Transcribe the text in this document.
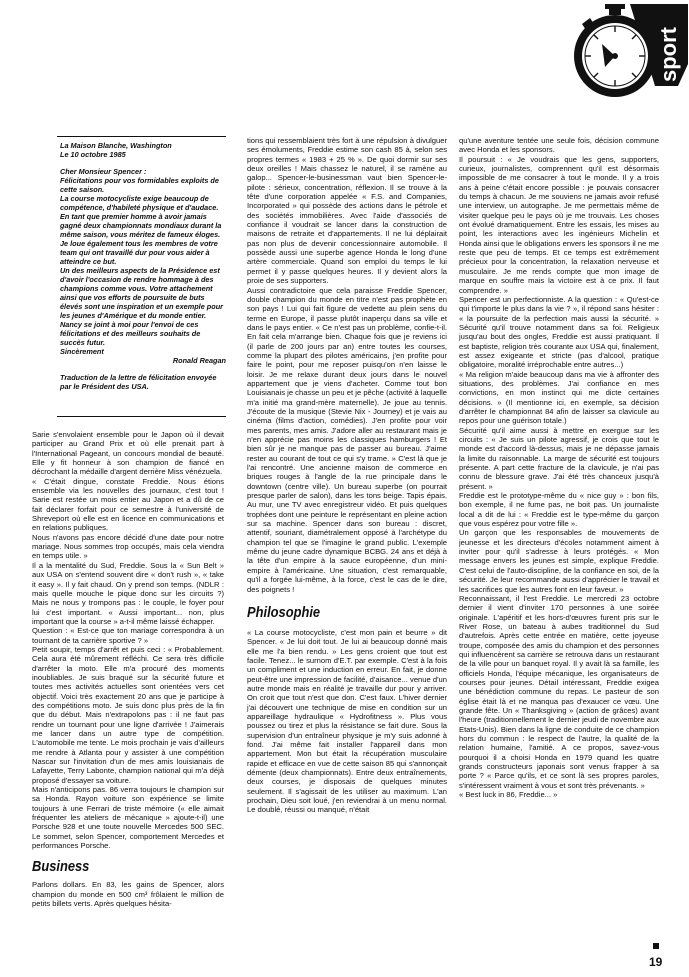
sport

La Maison Blanche, Washington

Le 10 octobre 1985

Cher Monsieur Spencer :

Félicitations pour vos formidables exploits de cette saison.

La course motocycliste exige beaucoup de compétence, d'habileté physique et d'audace. En tant que premier homme à avoir jamais gagné deux championnats mondiaux durant la même saison, vous méritez de fameux éloges.

Je loue également tous les membres de votre team qui ont travaillé dur pour vous aider à atteindre ce but.

Un des meilleurs aspects de la Présidence est d'avoir l'occasion de rendre hommage à des champions comme vous. Votre attachement ainsi que vos efforts de poursuite de buts élevés sont une inspiration et un exemple pour les jeunes d'Amérique et du monde entier.

Nancy se joint à moi pour l'envoi de ces félicitations et des meilleurs souhaits de succès futur.

Sincèrement

Ronald Reagan

Traduction de la lettre de félicitation envoyée par le Président des USA.

Sarie s'envolaient ensemble pour le Japon où il devait participer au Grand Prix et où elle prenait part à l'International Pageant, un concours mondial de beauté. Elle y fit honneur à son champion de fiancé en décrochant la médaille d'argent derrière Miss vénézuela.

« C'était dingue, constate Freddie. Nous étions ensemble via les nouvelles des journaux, c'est tout ! Sarie est restée un mois entier au Japon et a dû de ce fait déclarer forfait pour ce semestre à l'université de Shreveport où elle est en licence en communications et en relations publiques.

Nous n'avons pas encore décidé d'une date pour notre mariage. Nous sommes trop occupés, mais cela viendra en temps utile. »

Il a la mentalité du Sud, Freddie. Sous la « Sun Belt » aux USA on s'entend souvent dire « don't rush », « take it easy ». Il y fait chaud. On y prend son temps. (NDLR : mais quelle mouche le pique donc sur les circuits ?) Mais ne nous y trompons pas : le couple, le foyer pour lui c'est important. « Aussi important... non, plus important que la course » a-t-il même laissé échapper.

Question : « Est-ce que ton mariage correspondra à un tournant de ta carrière sportive ? »

Petit soupir, temps d'arrêt et puis ceci : « Probablement. Cela aura été mûrement réfléchi. Ce sera très difficile d'arrêter la moto. Elle m'a procuré des moments inoubliables. Je suis braqué sur la sécurité future et toutes mes activités actuelles sont orientées vers cet objectif. Voici très exactement 20 ans que je participe à des compétitions moto. Je suis donc plus près de la fin que du début. Mais n'extrapolons pas : il ne faut pas rendre un tournant pour une ligne d'arrivée ! J'aimerais me lancer dans un autre type de compétition. L'automobile me tente. Le mois prochain je vais d'ailleurs me rendre à Atlanta pour y assister à une compétition Nascar sur l'invitation d'un de mes amis louisianais de Lafayette, Terry Labonte, champion national qui m'a déjà proposé d'essayer sa voiture.

Mais n'anticipons pas. 86 verra toujours le champion sur sa Honda. Rayon voiture son expérience se limite toujours à une Ferrari de triste mémoire (« elle aimait fréquenter les ateliers de mécanique » ajoute-t-il) une Porsche 928 et une toute nouvelle Mercedes 500 SEC. Le sommet, selon Spencer, comportement Mercedes et performances Porsche.

Business

Parlons dollars. En 83, les gains de Spencer, alors champion du monde en 500 cm³ frôlaient le million de petits billets verts. Après quelques hésita-

tions qui ressemblaient très fort à une répulsion à divulguer ses émoluments, Freddie estime son cash 85 à, selon ses propres termes « 1983 + 25 % ». De quoi dormir sur ses deux oreilles ! Mais chassez le naturel, il se ramène au galop... Spencer-le-businessman vaut bien Spencer-le-pilote : sérieux, concentration, réflexion. Il se trouve à la tête d'une corporation appelée « F.S. and Companies, Incorporated » qui possède des actions dans le pétrole et des sociétés immobilières. Avec l'aide d'associés de confiance il voudrait se lancer dans la construction de maisons de retraite et d'appartements. Il ne lui déplairait pas non plus de devenir concessionnaire automobile. Il possède aussi une superbe agence Honda le long d'une artère commerciale. Quand son emploi du temps le lui permet il y passe quelques heures. Il y devient alors la proie de ses supporters.

Aussi contradictoire que cela paraisse Freddie Spencer, double champion du monde en titre n'est pas prophète en son pays ! Lui qui fait figure de vedette au plein sens du terme en Europe, il passe plutôt inaperçu dans sa ville et dans le pays entier. « Ce n'est pas un problème, confie-t-il. En fait cela m'arrange bien. Chaque fois que je reviens ici (il parle de 200 jours par an) entre toutes les courses, comme la plupart des pilotes américains, j'en profite pour faire le point, pour me reposer puisqu'on n'en laisse le loisir. Je me relaxe durant deux jours dans le nouvel appartement que je viens d'acheter. Comme tout bon Louisianais je chasse un peu et je pêche (activité à laquelle m'a initié ma grand-mère maternelle). Je joue au tennis. J'écoute de la musique (Stevie Nix - Journey) et je vais au cinéma (films d'action, comédies). J'en profite pour voir mes parents, mes amis. J'adore aller au restaurant mais je n'en apprécie pas moins les classiques hamburgers ! Et bien sûr je ne manque pas de passer au bureau. J'aime rester au courant de tout ce qui s'y trame. » C'est là que je l'ai rencontré. Une ancienne maison de commerce en briques rouges à l'angle de la rue principale dans le downtown (centre ville). Un bureau superbe (on pourrait presque parler de salon), dans les tons beige. Tapis épais. Au mur, une TV avec enregistreur vidéo. Et puis quelques trophées dont une peinture le représentant en pleine action sur sa machine. Spencer dans son bureau : discret, attentif, souriant, diamétralement opposé à l'archétype du champion tel que se l'imagine le grand public. L'exemple même du jeune cadre dynamique BCBG. 24 ans et déjà à la tête d'un empire à la sauce européenne, d'un mini-empire à l'américaine. Une situation, c'est remarquable, qu'il a forgée lui-même, à la force, c'est le cas de le dire, des poignets !

Philosophie

« La course motocycliste, c'est mon pain et beurre » dit Spencer. « Je lui doit tout. Je lui ai beaucoup donné mais elle me l'a bien rendu. » Les gens croient que tout est facile. Tenez... le surnom d'E.T. par exemple. C'est à la fois un compliment et une induction en erreur. En fait, je donne peut-être une impression de facilité, d'aisance... venue d'un autre monde mais en réalité je travaille dur pour y arriver. On croit que tout n'est que don. C'est faux. L'hiver dernier j'ai découvert une technique de mise en condition sur un appareillage hydraulique « Hydrofitness ». Plus vous poussez ou tirez et plus la résistance se fait dure. Sous la supervision d'un entraîneur physique je m'y suis adonné à fond. J'ai même fait installer l'appareil dans mon appartement. Mon but était la récupération musculaire rapide et efficace en vue de cette saison 85 qui s'annonçait démente (deux championnats). Entre deux entraînements, deux courses, je disposais de quelques minutes seulement. Il s'agissait de les utiliser au maximum. L'an prochain, Dieu soit loué, j'en reviendrai à un menu normal. Le doublé, réussi ou manqué, n'était

qu'une aventure tentée une seule fois, décision commune avec Honda et les sponsors.

Il poursuit : « Je voudrais que les gens, supporters, curieux, journalistes, comprennent qu'il est désormais impossible de me consacrer à tout le monde. Il y a trois ans à peine c'était encore possible : je pouvais consacrer du temps à chacun. Je me souviens ne jamais avoir refusé une interview, un autographe. Je me permettais même de visiter quelque peu le pays où je me trouvais. Les choses ont évolué dramatiquement. Entre les essais, les mises au point, les interactions avec les ingénieurs Michelin et Honda ainsi que le obligations envers les sponsors il ne me reste que peu de temps. Et ce temps est extrêmement précieux pour la concentration, la relaxation nerveuse et musculaire. Je me rends compte que mon image de marque en souffre mais la victoire est à ce prix. Il faut comprendre. »

Spencer est un perfectionniste. A la question : « Qu'est-ce qui t'importe le plus dans la vie ? », il répond sans hésiter : « la poursuite de la perfection mais aussi la sécurité. » Sécurité qu'il trouve notamment dans sa foi. Religieux jusqu'au bout des ongles, Freddie est aussi pratiquant. Il est baptiste, religion très courante aux USA qui, finalement, est assez exigeante et stricte (pas d'alcool, pratique obligatoire, moralité irréprochable entre autres...)

« Ma religion m'aide beaucoup dans ma vie à affronter des situations, des problèmes. J'ai confiance en mes convictions, en mon instinct qui me dicte certaines décisions. » (Il mentionne ici, en exemple, sa décision d'arrêter le championnat 84 afin de laisser sa clavicule au repos pour une guérison totale.)

Sécurité qu'il aime aussi à mettre en exergue sur les circuits : « Je suis un pilote agressif, je crois que tout le monde est d'accord là-dessus, mais je ne dépasse jamais la limite du raisonnable. La marge de sécurité est toujours présente. A part cette fracture de la clavicule, je n'ai pas connu de blessure grave. J'ai été très chanceux jusqu'à présent. »

Freddie est le prototype-même du « nice guy » : bon fils, bon exemple, il ne fume pas, ne boit pas. Un journaliste local a dit de lui : « Freddie est le type-même du garçon que vous espérez pour votre fille ».

Un garçon que les responsables de mouvements de jeunesse et les directeurs d'écoles notamment aiment à inviter pour qu'il s'adresse à leurs protégés. « Mon message envers les jeunes est simple, explique Freddie. C'est celui de l'auto-discipline, de la confiance en soi, de la sécurité. Je leur recommande aussi d'apprécier le travail et les sacrifices que les autres font en leur faveur. »

Reconnaissant, il l'est Freddie. Le mercredi 23 octobre dernier il vient d'inviter 170 personnes à une soirée originale. L'apéritif et les hors-d'œuvres furent pris sur le River Rose, un bateau à aubes traditionnel du Sud d'autrefois. Après cette entrée en matière, cette joyeuse troupe, composée des amis du champion et des personnes qui influencèrent sa carrière se retrouva dans un restaurant de la ville pour un banquet royal. Il y avait là sa famille, les officiels Honda, l'équipe mécanique, les organisateurs de courses pour jeunes. Détail intéressant, Freddie exigea une bénédiction commune du repas. Le pasteur de son église était là et ne manqua pas d'exaucer ce vœu. Une grande fête. Un « Thanksgiving » (action de grâces) avant l'heure (traditionnellement le dernier jeudi de novembre aux Etats-Unis). Bien dans la ligne de conduite de ce champion hors du commun : le respect de l'autre, la qualité de la relation humaine, l'amitié. A ce propos, savez-vous pourquoi il a choisi Honda en 1979 quand les quatre grands constructeurs japonais sont venus frapper à sa porte ? « Parce qu'ils, et ce sont là ses propres paroles, s'intéressent vraiment à vous et sont très prévenants. »

« Best luck in 86, Freddie... »

19
